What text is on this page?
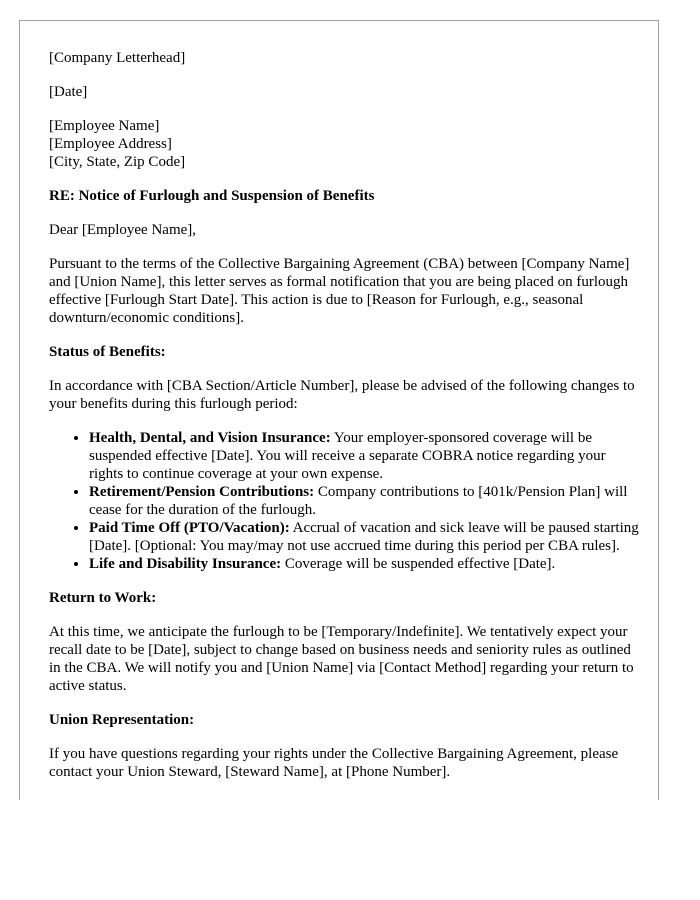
[Company Letterhead]

[Date]

[Employee Name]
[Employee Address]
[City, State, Zip Code]

RE: Notice of Furlough and Suspension of Benefits

Dear [Employee Name],

Pursuant to the terms of the Collective Bargaining Agreement (CBA) between [Company Name] and [Union Name], this letter serves as formal notification that you are being placed on furlough effective [Furlough Start Date]. This action is due to [Reason for Furlough, e.g., seasonal downturn/economic conditions].

Status of Benefits:

In accordance with [CBA Section/Article Number], please be advised of the following changes to your benefits during this furlough period:

• Health, Dental, and Vision Insurance: Your employer-sponsored coverage will be suspended effective [Date]. You will receive a separate COBRA notice regarding your rights to continue coverage at your own expense.
• Retirement/Pension Contributions: Company contributions to [401k/Pension Plan] will cease for the duration of the furlough.
• Paid Time Off (PTO/Vacation): Accrual of vacation and sick leave will be paused starting [Date]. [Optional: You may/may not use accrued time during this period per CBA rules].
• Life and Disability Insurance: Coverage will be suspended effective [Date].

Return to Work:

At this time, we anticipate the furlough to be [Temporary/Indefinite]. We tentatively expect your recall date to be [Date], subject to change based on business needs and seniority rules as outlined in the CBA. We will notify you and [Union Name] via [Contact Method] regarding your return to active status.

Union Representation:

If you have questions regarding your rights under the Collective Bargaining Agreement, please contact your Union Steward, [Steward Name], at [Phone Number].
